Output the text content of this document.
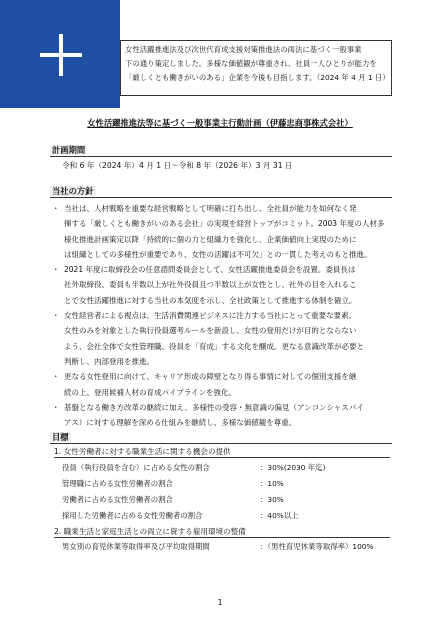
女性活躍推進法及び次世代育成支援対策推進法の両法に基づく一般事業
下の通り策定しました。多様な価値観が尊重され、社員一人ひとりが能力を
「厳しくとも働きがいのある」企業を今後も目指します。（2024 年 4 月 1 日）
女性活躍推進法等に基づく一般事業主行動計画（伊藤忠商事株式会社）
計画期間
令和 6 年（2024 年）4 月 1 日～令和 8 年（2026 年）3 月 31 日
当社の方針
・ 当社は、人材戦略を重要な経営戦略として明確に打ち出し、全社員が能力を如何なく発
揮する「厳しくとも働きがいのある会社」の実現を経営トップがコミット。2003 年度の人材多
様化推進計画策定以降「持続的に個の力と組織力を強化し、企業価値向上実現のために
は組織としての多様性が重要であり、女性の活躍は不可欠」との一貫した考えのもと推進。
・ 2021 年度に取締役会の任意諮問委員会として、女性活躍推進委員会を設置。委員長は
社外取締役、委員も半数以上が社外役員且つ半数以上が女性とし、社外の目を入れるこ
とで女性活躍推進に対する当社の本気度を示し、全社政策として推進する体制を確立。
・ 女性経営者による視点は、生活消費関連ビジネスに注力する当社にとって重要な要素。
女性のみを対象とした執行役員選考ルールを新設し、女性の登用だけが目的とならない
よう、会社全体で女性管理職、役員を「育成」する文化を醸成。更なる意識改革が必要と
判断し、内部登用を推進。
・ 更なる女性登用に向けて、キャリア形成の障壁となり得る事情に対しての個別支援を継
続の上、登用候補人材の育成パイプラインを強化。
・ 基盤となる働き方改革の継続に加え、多様性の受容・無意識の偏見（アンコンシャスバイ
アス）に対する理解を深める仕組みを継続し、多様な価値観を尊重。
目標
1. 女性労働者に対する職業生活に関する機会の提供
役員（執行役員を含む）に占める女性の割合	：30%(2030 年迄)
管理職に占める女性労働者の割合	：10%
労働者に占める女性労働者の割合	：30%
採用した労働者に占める女性労働者の割合	：40%以上
2. 職業生活と家庭生活との両立に資する雇用環境の整備
男女別の育児休業等取得率及び平均取得期間	：（男性育児休業等取得率）100%
1
